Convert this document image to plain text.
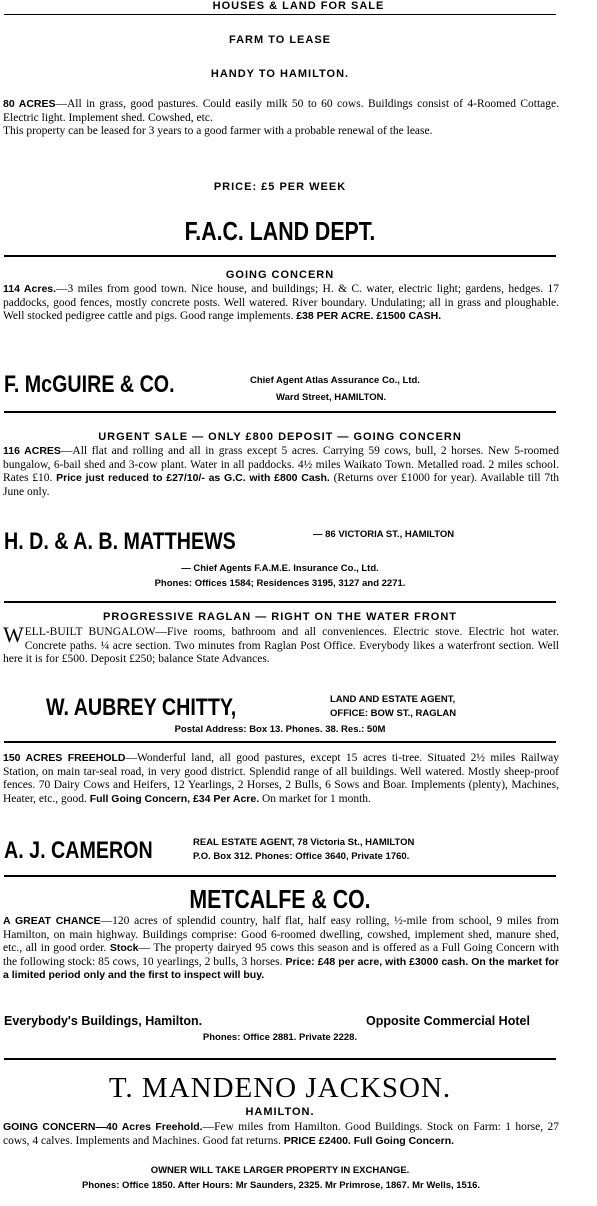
HOUSES & LAND FOR SALE
FARM TO LEASE
HANDY TO HAMILTON.
80 ACRES—All in grass, good pastures. Could easily milk 50 to 60 cows. Buildings consist of 4-Roomed Cottage. Electric light. Implement shed. Cowshed, etc.
This property can be leased for 3 years to a good farmer with a probable renewal of the lease.
PRICE: £5 PER WEEK
F.A.C. LAND DEPT.
GOING CONCERN
114 Acres.—3 miles from good town. Nice house, and buildings; H. & C. water, electric light; gardens, hedges. 17 paddocks, good fences, mostly concrete posts. Well watered. River boundary. Undulating; all in grass and ploughable. Well stocked pedigree cattle and pigs. Good range implements. £38 PER ACRE. £1500 CASH.
F. McGUIRE & CO.	Chief Agent Atlas Assurance Co., Ltd.
Ward Street, HAMILTON.
URGENT SALE — ONLY £800 DEPOSIT — GOING CONCERN
116 ACRES—All flat and rolling and all in grass except 5 acres. Carrying 59 cows, bull, 2 horses. New 5-roomed bungalow, 6-bail shed and 3-cow plant. Water in all paddocks. 4½ miles Waikato Town. Metalled road. 2 miles school. Rates £10. Price just reduced to £27/10/- as G.C. with £800 Cash. (Returns over £1000 for year). Available till 7th June only.
H. D. & A. B. MATTHEWS	— 86 VICTORIA ST., HAMILTON
— Chief Agents F.A.M.E. Insurance Co., Ltd.
Phones: Offices 1584; Residences 3195, 3127 and 2271.
PROGRESSIVE RAGLAN — RIGHT ON THE WATER FRONT
WELL-BUILT BUNGALOW—Five rooms, bathroom and all conveniences. Electric stove. Electric hot water. Concrete paths. ¼ acre section. Two minutes from Raglan Post Office. Everybody likes a waterfront section. Well here it is for £500. Deposit £250; balance State Advances.
W. AUBREY CHITTY,	LAND AND ESTATE AGENT,
OFFICE: BOW ST., RAGLAN
Postal Address: Box 13. Phones. 38. Res.: 50M
150 ACRES FREEHOLD—Wonderful land, all good pastures, except 15 acres ti-tree. Situated 2½ miles Railway Station, on main tar-seal road, in very good district. Splendid range of all buildings. Well watered. Mostly sheep-proof fences. 70 Dairy Cows and Heifers, 12 Yearlings, 2 Horses, 2 Bulls, 6 Sows and Boar. Implements (plenty), Machines, Heater, etc., good. Full Going Concern, £34 Per Acre. On market for 1 month.
A. J. CAMERON	REAL ESTATE AGENT, 78 Victoria St., HAMILTON
P.O. Box 312. Phones: Office 3640, Private 1760.
METCALFE & CO.
A GREAT CHANCE—120 acres of splendid country, half flat, half easy rolling, ½-mile from school, 9 miles from Hamilton, on main highway. Buildings comprise: Good 6-roomed dwelling, cowshed, implement shed, manure shed, etc., all in good order. Stock— The property dairyed 95 cows this season and is offered as a Full Going Concern with the following stock: 85 cows, 10 yearlings, 2 bulls, 3 horses. Price: £48 per acre, with £3000 cash. On the market for a limited period only and the first to inspect will buy.
Everybody's Buildings, Hamilton.	Opposite Commercial Hotel
Phones: Office 2881. Private 2228.
T. MANDENO JACKSON.
HAMILTON.
GOING CONCERN—40 Acres Freehold.—Few miles from Hamilton. Good Buildings. Stock on Farm: 1 horse, 27 cows, 4 calves. Implements and Machines. Good fat returns. PRICE £2400. Full Going Concern.
OWNER WILL TAKE LARGER PROPERTY IN EXCHANGE.
Phones: Office 1850. After Hours: Mr Saunders, 2325. Mr Primrose, 1867. Mr Wells, 1516.
